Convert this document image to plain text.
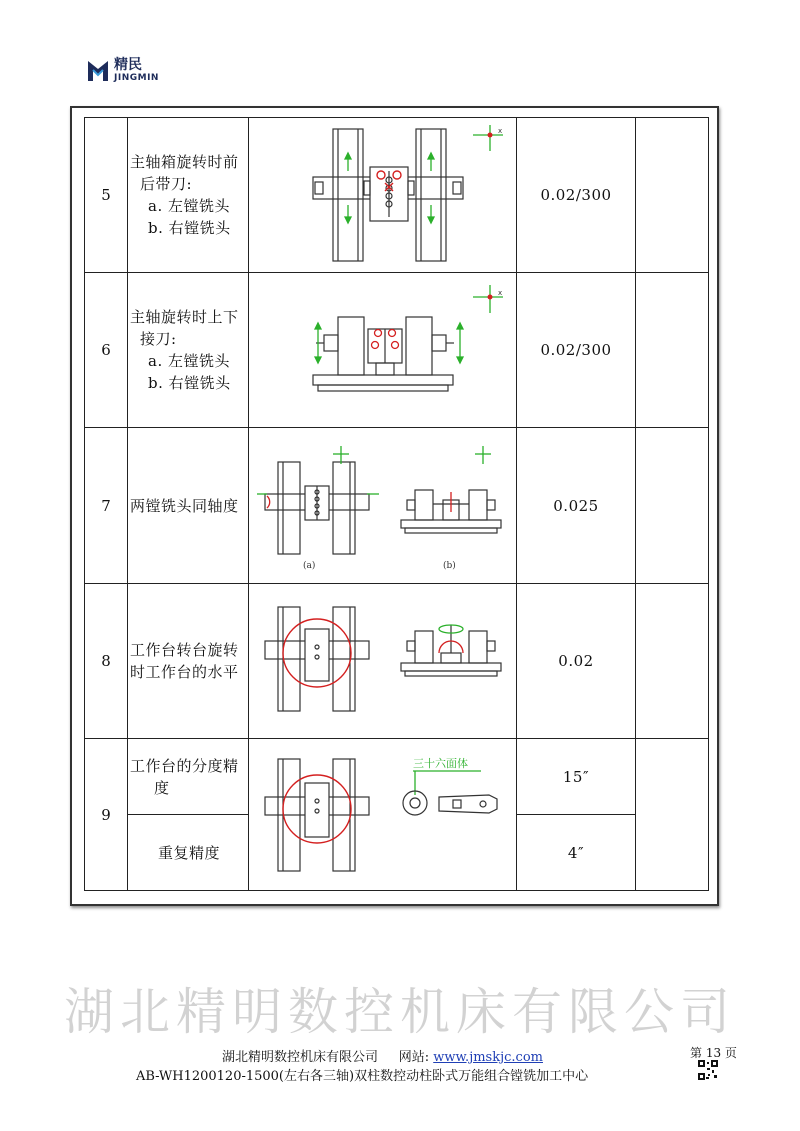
精民
JINGMIN
5	主轴箱旋转时前

后带刀:
a. 左镗铣头
b. 右镗铣头	x	0.02/300	
6	主轴旋转时上下

接刀:
a. 左镗铣头
b. 右镗铣头	x	0.02/300	
7	两镗铣头同轴度	(a) (b)	0.025	
8	工作台转台旋转
时工作台的水平		0.02	
9	工作台的分度精

度	三十六面体	15″	
	重复精度		4″	
湖北精明数控机床有限公司
湖北精明数控机床有限公司 网站: www.jmskjc.com	第 13 页
AB-WH1200120-1500(左右各三轴)双柱数控动柱卧式万能组合镗铣加工中心
